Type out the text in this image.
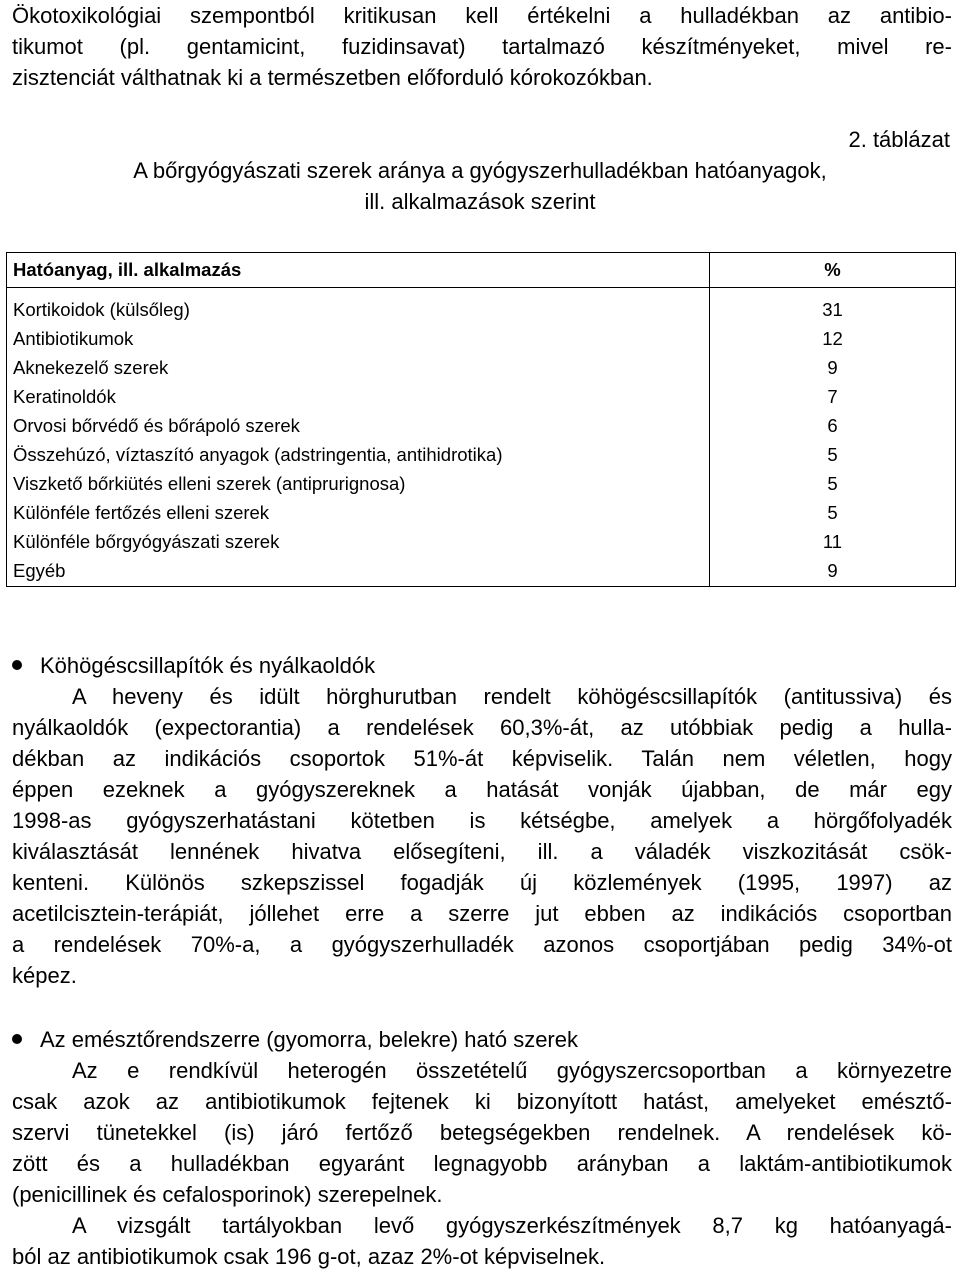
Ökotoxikológiai szempontból kritikusan kell értékelni a hulladékban az antibio-
tikumot (pl. gentamicint, fuzidinsavat) tartalmazó készítményeket, mivel re-
zisztenciát válthatnak ki a természetben előforduló kórokozókban.
2. táblázat
A bőrgyógyászati szerek aránya a gyógyszerhulladékban hatóanyagok,
ill. alkalmazások szerint
Hatóanyag, ill. alkalmazás	%
Kortikoidok (külsőleg)	31
Antibiotikumok	12
Aknekezelő szerek	9
Keratinoldók	7
Orvosi bőrvédő és bőrápoló szerek	6
Összehúzó, víztaszító anyagok (adstringentia, antihidrotika)	5
Viszkető bőrkiütés elleni szerek (antiprurignosa)	5
Különféle fertőzés elleni szerek	5
Különféle bőrgyógyászati szerek	11
Egyéb	9
Köhögéscsillapítók és nyálkaoldók
A heveny és idült hörghurutban rendelt köhögéscsillapítók (antitussiva) és
nyálkaoldók (expectorantia) a rendelések 60,3%-át, az utóbbiak pedig a hulla-
dékban az indikációs csoportok 51%-át képviselik. Talán nem véletlen, hogy
éppen ezeknek a gyógyszereknek a hatását vonják újabban, de már egy
1998-as gyógyszerhatástani kötetben is kétségbe, amelyek a hörgőfolyadék
kiválasztását lennének hivatva elősegíteni, ill. a váladék viszkozitását csök-
kenteni. Különös szkepszissel fogadják új közlemények (1995, 1997) az
acetilcisztein-terápiát, jóllehet erre a szerre jut ebben az indikációs csoportban
a rendelések 70%-a, a gyógyszerhulladék azonos csoportjában pedig 34%-ot
képez.
Az emésztőrendszerre (gyomorra, belekre) ható szerek
Az e rendkívül heterogén összetételű gyógyszercsoportban a környezetre
csak azok az antibiotikumok fejtenek ki bizonyított hatást, amelyeket emésztő-
szervi tünetekkel (is) járó fertőző betegségekben rendelnek. A rendelések kö-
zött és a hulladékban egyaránt legnagyobb arányban a laktám-antibiotikumok
(penicillinek és cefalosporinok) szerepelnek.
A vizsgált tartályokban levő gyógyszerkészítmények 8,7 kg hatóanyagá-
ból az antibiotikumok csak 196 g-ot, azaz 2%-ot képviselnek.
